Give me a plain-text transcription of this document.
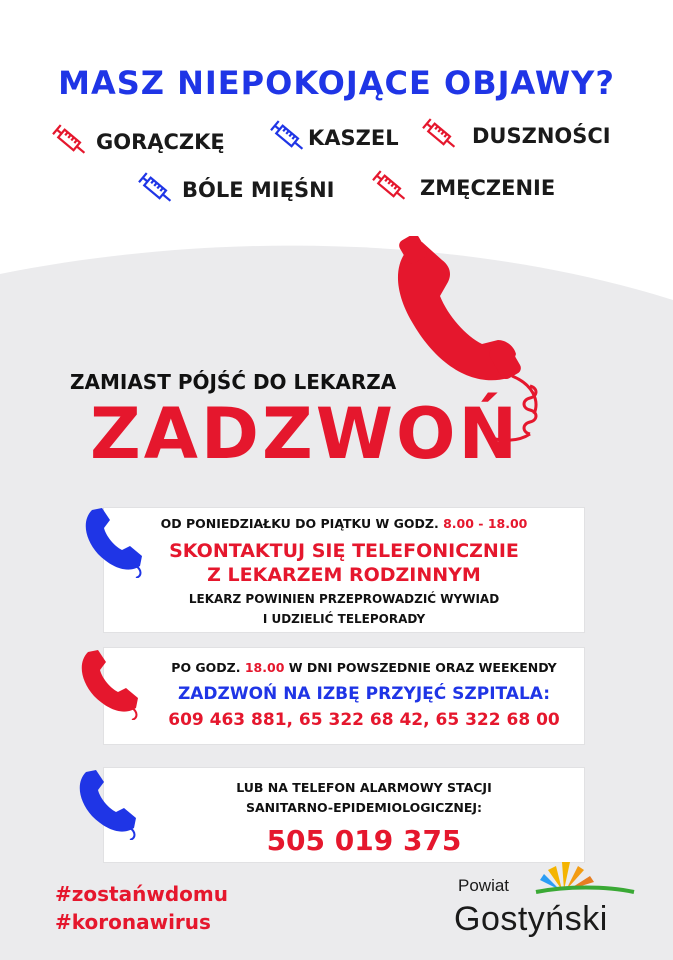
MASZ NIEPOKOJĄCE OBJAWY?
GORĄCZKĘ	KASZEL	DUSZNOŚCI
BÓLE MIĘŚNI	ZMĘCZENIE
ZAMIAST PÓJŚĆ DO LEKARZA
ZADZWOŃ
OD PONIEDZIAŁKU DO PIĄTKU W GODZ. 8.00 - 18.00
SKONTAKTUJ SIĘ TELEFONICZNIE
Z LEKARZEM RODZINNYM
LEKARZ POWINIEN PRZEPROWADZIĆ WYWIAD
I UDZIELIĆ TELEPORADY
PO GODZ. 18.00 W DNI POWSZEDNIE ORAZ WEEKENDY
ZADZWOŃ NA IZBĘ PRZYJĘĆ SZPITALA:
609 463 881, 65 322 68 42, 65 322 68 00
LUB NA TELEFON ALARMOWY STACJI
SANITARNO-EPIDEMIOLOGICZNEJ:
505 019 375
#zostańwdomu
#koronawirus
Powiat
Gostyński
